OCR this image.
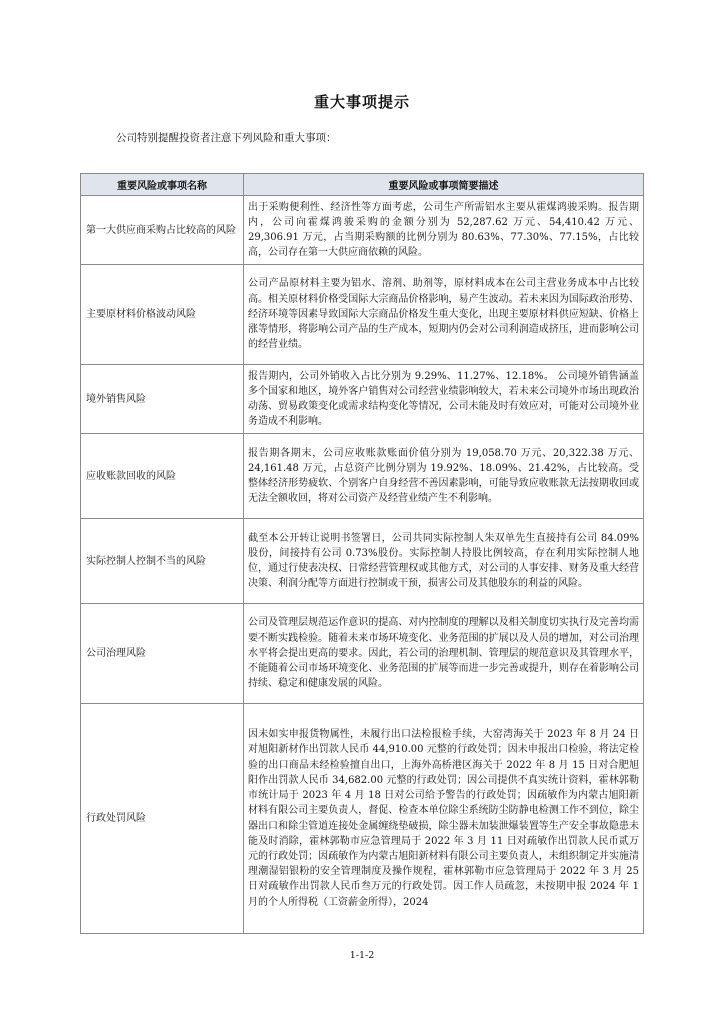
重大事项提示
公司特别提醒投资者注意下列风险和重大事项：
重要风险或事项名称	重要风险或事项简要描述
第一大供应商采购占比较高的风险	出于采购便利性、经济性等方面考虑，公司生产所需铝水主要从霍煤鸿骏采购。报告期内，公司向霍煤鸿骏采购的金额分别为 52,287.62 万元、54,410.42 万元、29,306.91 万元，占当期采购额的比例分别为 80.63%、77.30%、77.15%，占比较高，公司存在第一大供应商依赖的风险。
主要原材料价格波动风险	公司产品原材料主要为铝水、溶剂、助剂等，原材料成本在公司主营业务成本中占比较高。相关原材料价格受国际大宗商品价格影响，易产生波动。若未来因为国际政治形势、经济环境等因素导致国际大宗商品价格发生重大变化，出现主要原材料供应短缺、价格上涨等情形，将影响公司产品的生产成本，短期内仍会对公司利润造成挤压，进而影响公司的经营业绩。
境外销售风险	报告期内，公司外销收入占比分别为 9.29%、11.27%、12.18%。 公司境外销售涵盖多个国家和地区，境外客户销售对公司经营业绩影响较大，若未来公司境外市场出现政治动荡、贸易政策变化或需求结构变化等情况，公司未能及时有效应对，可能对公司境外业务造成不利影响。
应收账款回收的风险	报告期各期末，公司应收账款账面价值分别为 19,058.70 万元、20,322.38 万元、24,161.48 万元，占总资产比例分别为 19.92%、18.09%、21.42%，占比较高。受整体经济形势疲软、个别客户自身经营不善因素影响，可能导致应收账款无法按期收回或无法全额收回，将对公司资产及经营业绩产生不利影响。
实际控制人控制不当的风险	截至本公开转让说明书签署日，公司共同实际控制人朱双单先生直接持有公司 84.09%股份，间接持有公司 0.73%股份。实际控制人持股比例较高，存在利用实际控制人地位，通过行使表决权、日常经营管理权或其他方式，对公司的人事安排、财务及重大经营决策、利润分配等方面进行控制或干预，损害公司及其他股东的利益的风险。
公司治理风险	公司及管理层规范运作意识的提高、对内控制度的理解以及相关制度切实执行及完善均需要不断实践检验。随着未来市场环境变化、业务范围的扩展以及人员的增加，对公司治理水平将会提出更高的要求。因此，若公司的治理机制、管理层的规范意识及其管理水平，不能随着公司市场环境变化、业务范围的扩展等而进一步完善或提升，则存在着影响公司持续、稳定和健康发展的风险。
行政处罚风险	因未如实申报货物属性，未履行出口法检报检手续，大窑湾海关于 2023 年 8 月 24 日对旭阳新材作出罚款人民币 44,910.00 元整的行政处罚；因未申报出口检验，将法定检验的出口商品未经检验擅自出口，上海外高桥港区海关于 2022 年 8 月 15 日对合肥旭阳作出罚款人民币 34,682.00 元整的行政处罚；因公司提供不真实统计资料，霍林郭勒市统计局于 2023 年 4 月 18 日对公司给予警告的行政处罚；因疏敏作为内蒙古旭阳新材料有限公司主要负责人，督促、检查本单位除尘系统防尘防静电检测工作不到位，除尘器出口和除尘管道连接处金属缠绕垫破损，除尘器未加装泄爆装置等生产安全事故隐患未能及时消除，霍林郭勒市应急管理局于 2022 年 3 月 11 日对疏敏作出罚款人民币贰万元的行政处罚；因疏敏作为内蒙古旭阳新材料有限公司主要负责人，未组织制定并实施清理潮湿铝银粉的安全管理制度及操作规程，霍林郭勒市应急管理局于 2022 年 3 月 25 日对疏敏作出罚款人民币叁万元的行政处罚。因工作人员疏忽，未按期申报 2024 年 1 月的个人所得税（工资薪金所得），2024
1-1-2
